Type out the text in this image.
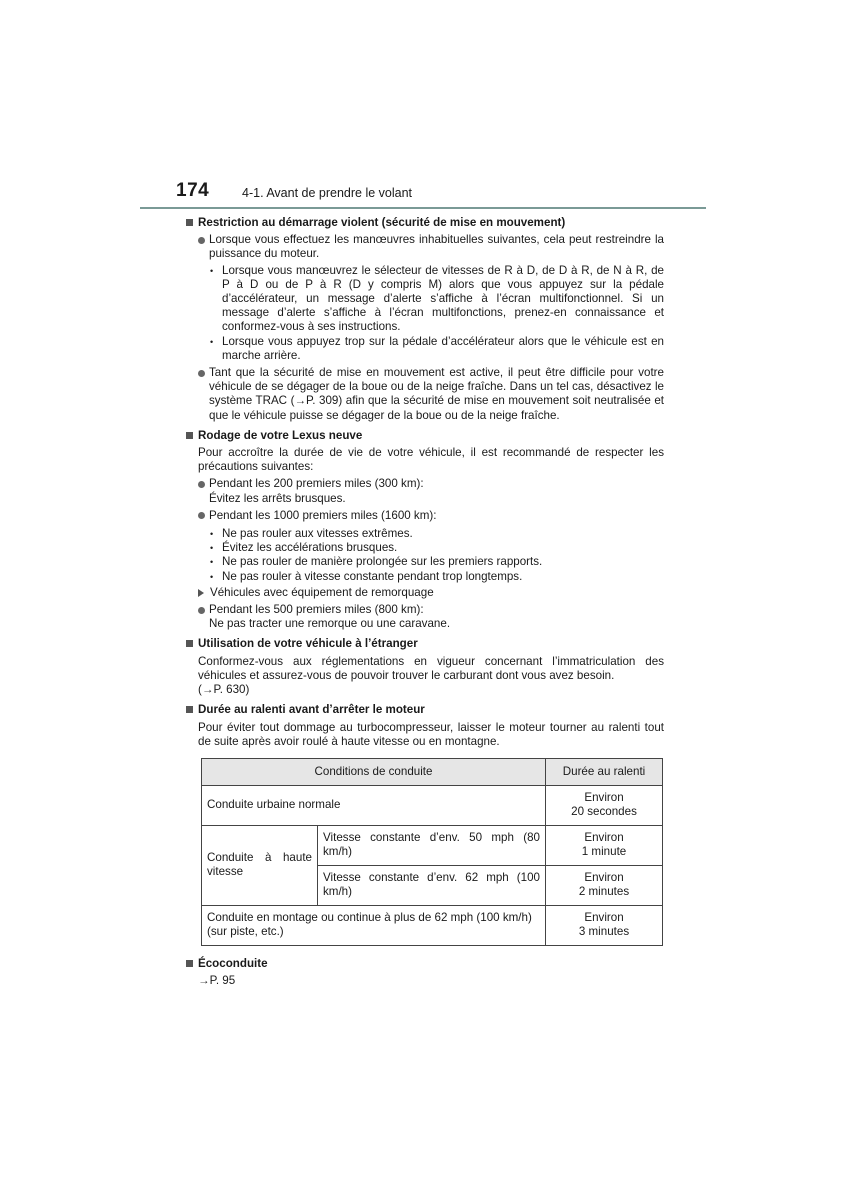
174	4-1. Avant de prendre le volant
Restriction au démarrage violent (sécurité de mise en mouvement)
Lorsque vous effectuez les manœuvres inhabituelles suivantes, cela peut restreindre la puissance du moteur.
• Lorsque vous manœuvrez le sélecteur de vitesses de R à D, de D à R, de N à R, de P à D ou de P à R (D y compris M) alors que vous appuyez sur la pédale d’accélérateur, un message d’alerte s’affiche à l’écran multifonctionnel. Si un message d’alerte s’affiche à l’écran multifonctions, prenez-en connaissance et conformez-vous à ses instructions.
• Lorsque vous appuyez trop sur la pédale d’accélérateur alors que le véhicule est en marche arrière.
Tant que la sécurité de mise en mouvement est active, il peut être difficile pour votre véhicule de se dégager de la boue ou de la neige fraîche. Dans un tel cas, désactivez le système TRAC (→P. 309) afin que la sécurité de mise en mouvement soit neutralisée et que le véhicule puisse se dégager de la boue ou de la neige fraîche.
Rodage de votre Lexus neuve
Pour accroître la durée de vie de votre véhicule, il est recommandé de respecter les précautions suivantes:
Pendant les 200 premiers miles (300 km):
Évitez les arrêts brusques.
Pendant les 1000 premiers miles (1600 km):
• Ne pas rouler aux vitesses extrêmes.
• Évitez les accélérations brusques.
• Ne pas rouler de manière prolongée sur les premiers rapports.
• Ne pas rouler à vitesse constante pendant trop longtemps.
Véhicules avec équipement de remorquage
Pendant les 500 premiers miles (800 km):
Ne pas tracter une remorque ou une caravane.
Utilisation de votre véhicule à l’étranger
Conformez-vous aux réglementations en vigueur concernant l’immatriculation des véhicules et assurez-vous de pouvoir trouver le carburant dont vous avez besoin.
(→P. 630)
Durée au ralenti avant d’arrêter le moteur
Pour éviter tout dommage au turbocompresseur, laisser le moteur tourner au ralenti tout de suite après avoir roulé à haute vitesse ou en montagne.
Conditions de conduite		Durée au ralenti
Conduite urbaine normale		Environ
20 secondes
Conduite à haute vitesse	Vitesse constante d’env. 50 mph (80 km/h)	Environ
1 minute
	Vitesse constante d’env. 62 mph (100 km/h)	Environ
2 minutes
Conduite en montage ou continue à plus de 62 mph (100 km/h) (sur piste, etc.)		Environ
3 minutes
Écoconduite
→P. 95
